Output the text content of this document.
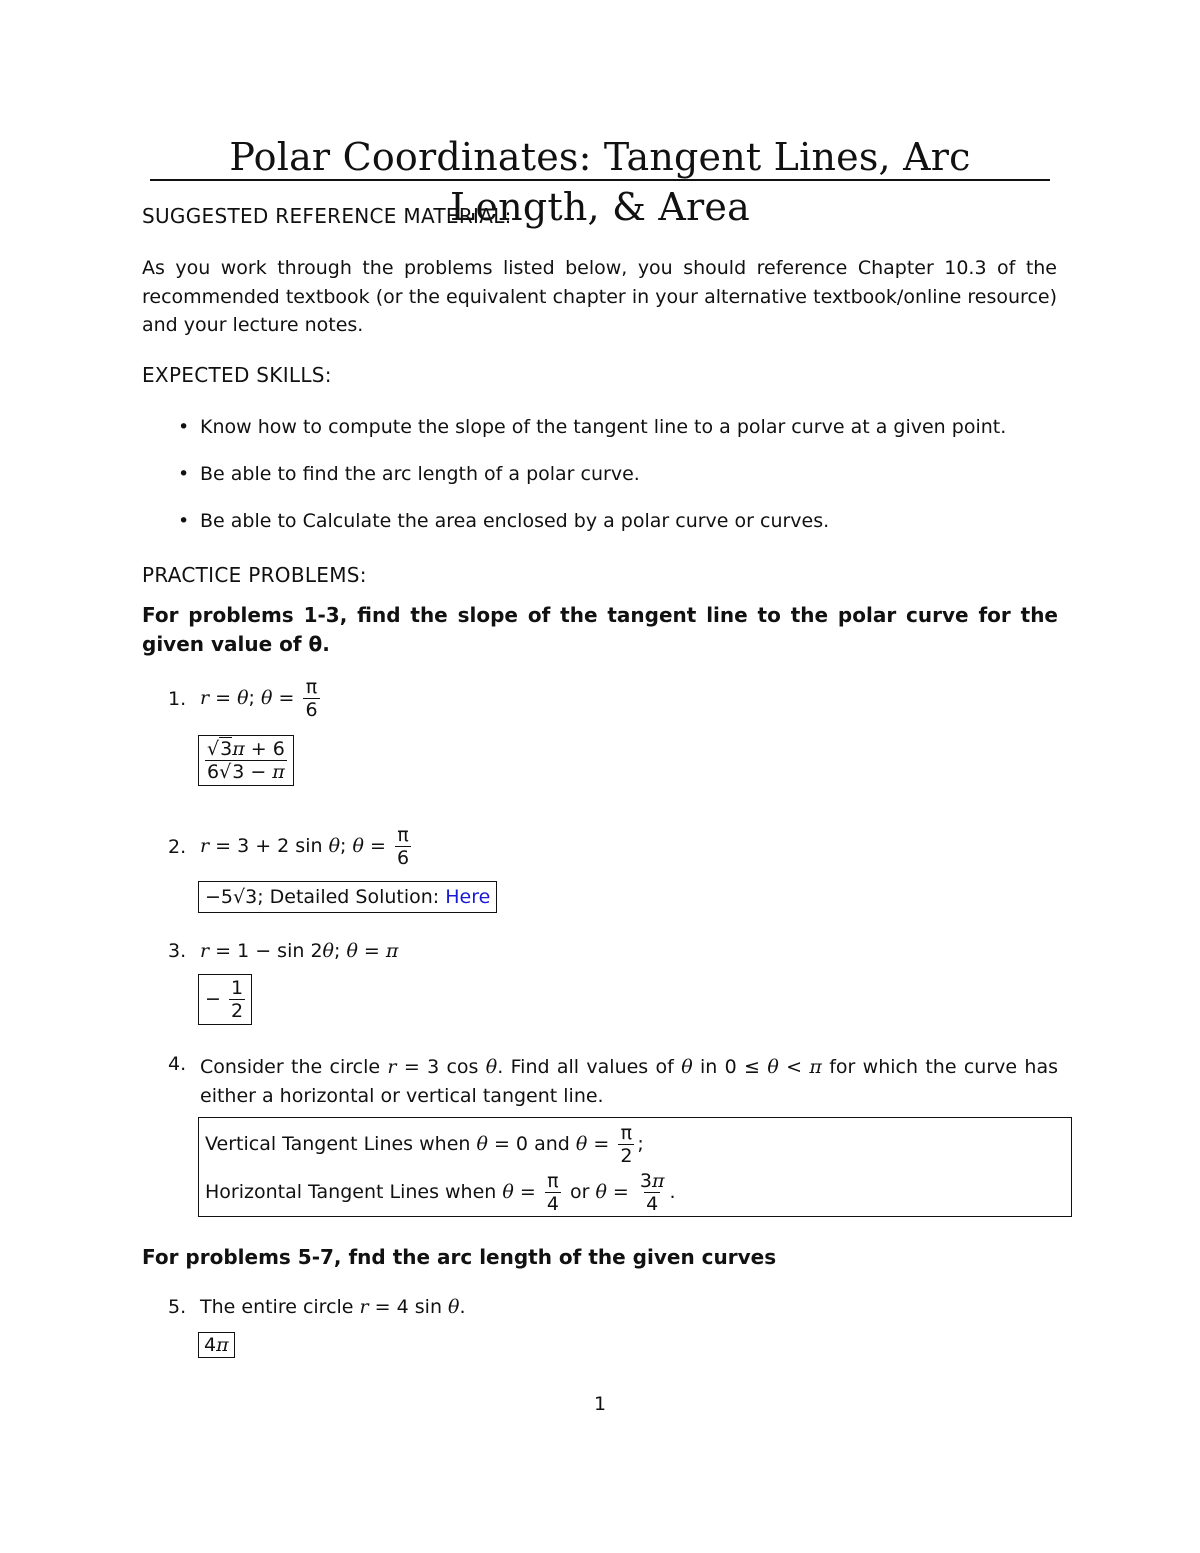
Polar Coordinates: Tangent Lines, Arc Length, & Area
SUGGESTED REFERENCE MATERIAL:
As you work through the problems listed below, you should reference Chapter 10.3 of the recommended textbook (or the equivalent chapter in your alternative textbook/online resource) and your lecture notes.
EXPECTED SKILLS:
• Know how to compute the slope of the tangent line to a polar curve at a given point.
• Be able to find the arc length of a polar curve.
• Be able to Calculate the area enclosed by a polar curve or curves.
PRACTICE PROBLEMS:
For problems 1-3, find the slope of the tangent line to the polar curve for the given value of θ.
1. r = θ; $\theta = \frac{\pi}{6}$
$\frac{√3\pi + 6}{6√3 - \pi}$
2. r = 3 + 2 sin θ; $\theta = \frac{\pi}{6}$
−5√3; Detailed Solution: Here
3. r = 1 − sin 2θ; θ = π
− $\frac{1}{2}$
4. Consider the circle r = 3 cos θ. Find all values of θ in 0 ≤ θ < π for which the curve has either a horizontal or vertical tangent line.
Vertical Tangent Lines when θ = 0 and $\theta = \frac{\pi}{2}$ ;
Horizontal Tangent Lines when $\theta = \frac{\pi}{4}$ or $\theta = \frac{3\pi}{4}$ .
For problems 5-7, fnd the arc length of the given curves
5. The entire circle r = 4 sin θ.
4π
1
